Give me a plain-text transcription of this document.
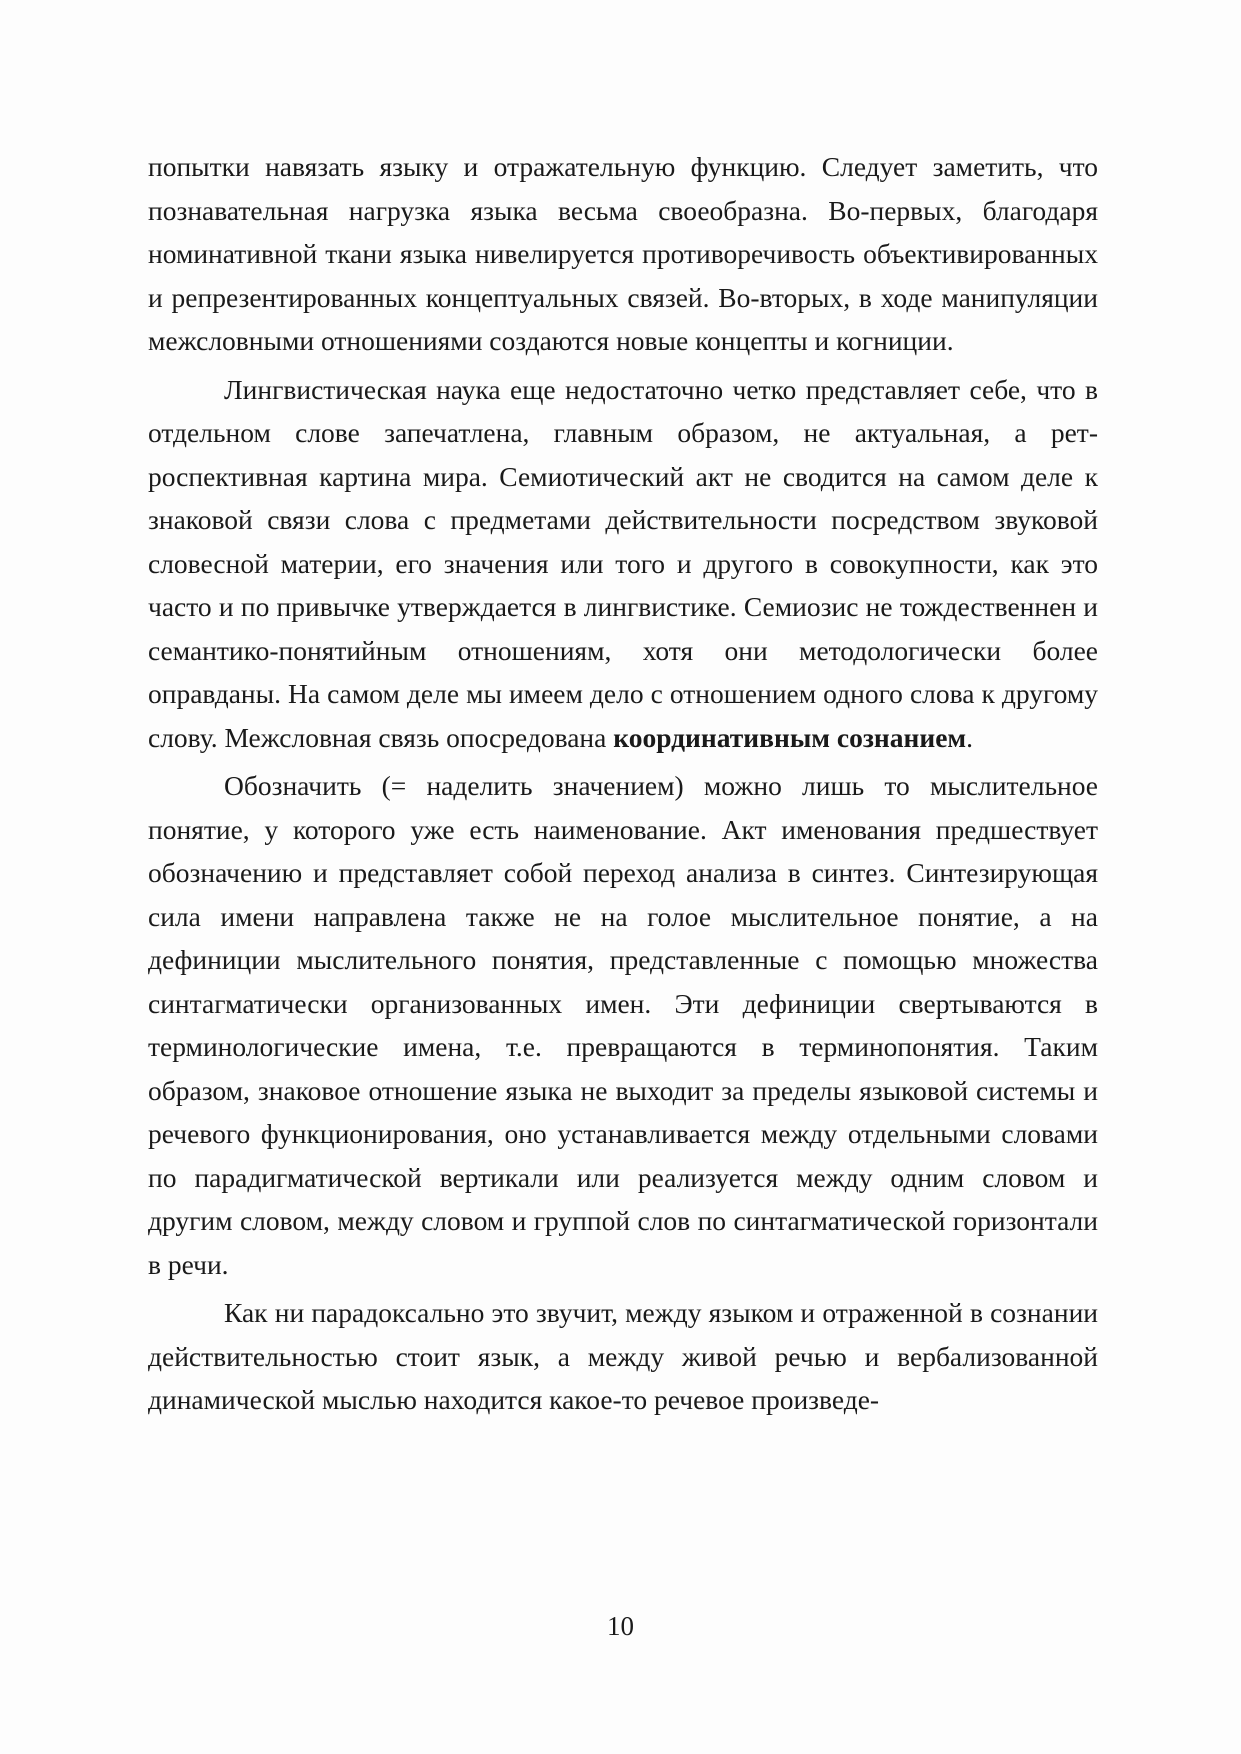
попытки навязать языку и отражательную функцию. Следует заметить, что познавательная нагрузка языка весьма своеобразна. Во-первых, благодаря номинативной ткани языка нивелируется противоречивость объективированных и репрезентированных концептуальных связей. Во-вторых, в ходе манипуляции межсловными отношениями создаются новые концепты и когниции.

Лингвистическая наука еще недостаточно четко представляет себе, что в отдельном слове запечатлена, главным образом, не актуальная, а ретроспективная картина мира. Семиотический акт не сводится на самом деле к знаковой связи слова с предметами действительности посредством звуковой словесной материи, его значения или того и другого в совокупности, как это часто и по привычке утверждается в лингвистике. Семиозис не тождественнен и семантико-понятийным отношениям, хотя они методологически более оправданы. На самом деле мы имеем дело с отношением одного слова к другому слову. Межсловная связь опосредована координативным сознанием.

Обозначить (= наделить значением) можно лишь то мыслительное понятие, у которого уже есть наименование. Акт именования предшествует обозначению и представляет собой переход анализа в синтез. Синтезирующая сила имени направлена также не на голое мыслительное понятие, а на дефиниции мыслительного понятия, представленные с помощью множества синтагматически организованных имен. Эти дефиниции свертываются в терминологические имена, т.е. превращаются в терминопонятия. Таким образом, знаковое отношение языка не выходит за пределы языковой системы и речевого функционирования, оно устанавливается между отдельными словами по парадигматической вертикали или реализуется между одним словом и другим словом, между словом и группой слов по синтагматической горизонтали в речи.

Как ни парадоксально это звучит, между языком и отраженной в сознании действительностью стоит язык, а между живой речью и вербализованной динамической мыслью находится какое-то речевое произведе-

10
